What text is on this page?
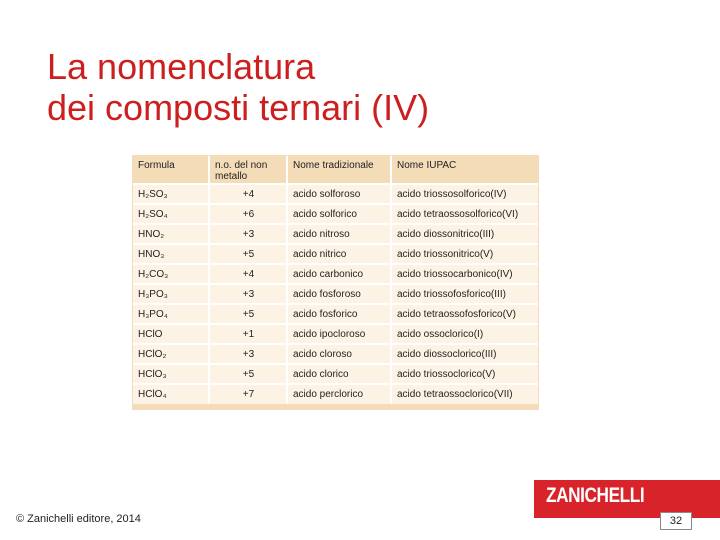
La nomenclatura
dei composti ternari (IV)
Formula	n.o. del non metallo	Nome tradizionale	Nome IUPAC
H₂SO₃	+4	acido solforoso	acido triossosolforico(IV)
H₂SO₄	+6	acido solforico	acido tetraossosolforico(VI)
HNO₂	+3	acido nitroso	acido diossonitrico(III)
HNO₃	+5	acido nitrico	acido triossonitrico(V)
H₂CO₃	+4	acido carbonico	acido triossocarbonico(IV)
H₃PO₃	+3	acido fosforoso	acido triossofosforico(III)
H₃PO₄	+5	acido fosforico	acido tetraossofosforico(V)
HClO	+1	acido ipocloroso	acido ossoclorico(I)
HClO₂	+3	acido cloroso	acido diossoclorico(III)
HClO₃	+5	acido clorico	acido triossoclorico(V)
HClO₄	+7	acido perclorico	acido tetraossoclorico(VII)
© Zanichelli editore, 2014
ZANICHELLI
32
